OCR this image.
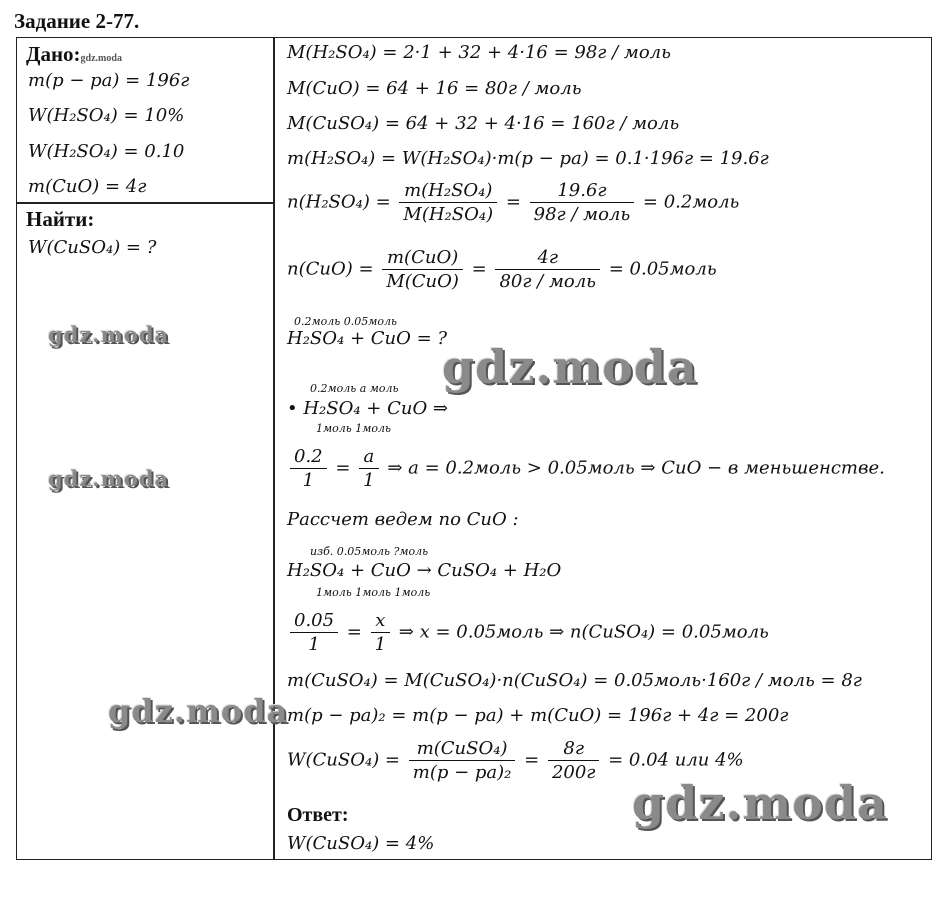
Задание 2-77.
Дано:gdz.moda
m(p − pa) = 196г
W(H₂SO₄) = 10%
W(H₂SO₄) = 0.10
m(CuO) = 4г
Найти:
W(CuSO₄) = ?
M(H₂SO₄) = 2·1 + 32 + 4·16 = 98г / моль
M(CuO) = 64 + 16 = 80г / моль
M(CuSO₄) = 64 + 32 + 4·16 = 160г / моль
m(H₂SO₄) = W(H₂SO₄)·m(p − pa) = 0.1·196г = 19.6г
$n(H_2SO_4) = \frac{\text{m(H₂SO₄)}}{\text{M(H₂SO₄)}} = \frac{19.6г}{\text{98г / моль}}$ = 0.2моль
$n(CuO) = \frac{\text{m(CuO)}}{\text{M(CuO)}} = \frac{4г}{\text{80г / моль}}$ = 0.05моль
0.2моль 0.05моль
H₂SO₄ + CuO = ?
0.2моль a моль
• H₂SO₄ + CuO ⇒
1моль 1моль
$\frac{0.2}{1} = \frac{a}{1}$ ⇒ a = 0.2моль > 0.05моль ⇒ CuO − в меньшенстве.
Рассчет ведем по CuO :
изб. 0.05моль ?моль
H₂SO₄ + CuO → CuSO₄ + H₂O
1моль 1моль 1моль
$\frac{0.05}{1} = \frac{x}{1}$ ⇒ x = 0.05моль ⇒ n(CuSO₄) = 0.05моль
m(CuSO₄) = M(CuSO₄)·n(CuSO₄) = 0.05моль·160г / моль = 8г
m(p − pa)₂ = m(p − pa) + m(CuO) = 196г + 4г = 200г
W(CuSO₄) = $\frac{\text{m(CuSO₄)}}{\text{m(p − pa)₂}} = \frac{8г}{200г} = 0.04$ или 4%
Ответ:
W(CuSO₄) = 4%
gdz.moda
gdz.moda
gdz.moda
gdz.moda
gdz.moda
